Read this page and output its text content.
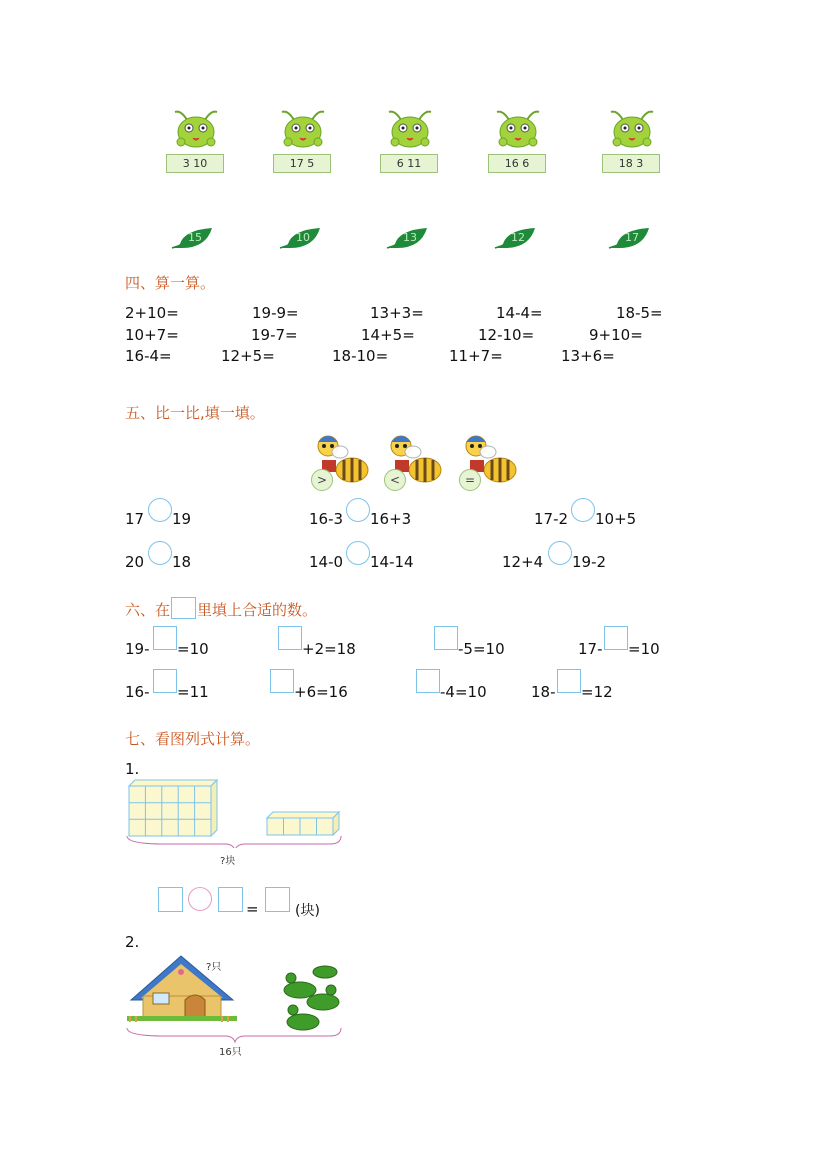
3 10	17 5	6 11	16 6	18 3
15	10	13	12	17
四、算一算。
2+10=	19-9=	13+3=	14-4=	18-5=
10+7=	19-7=	14+5=	12-10=	9+10=
16-4=	12+5=	18-10=	11+7=	13+6=
五、比一比,填一填。
>	<	=
17 19	16-3 16+3	17-2 10+5
20 18	14-0 14-14	12+4 19-2
六、在 里填上合适的数。
19- =10	+2=18	-5=10	17- =10
16- =11	+6=16	-4=10	18- =12
七、看图列式计算。
1.
?块
=	(块)
2.
?只
16只
